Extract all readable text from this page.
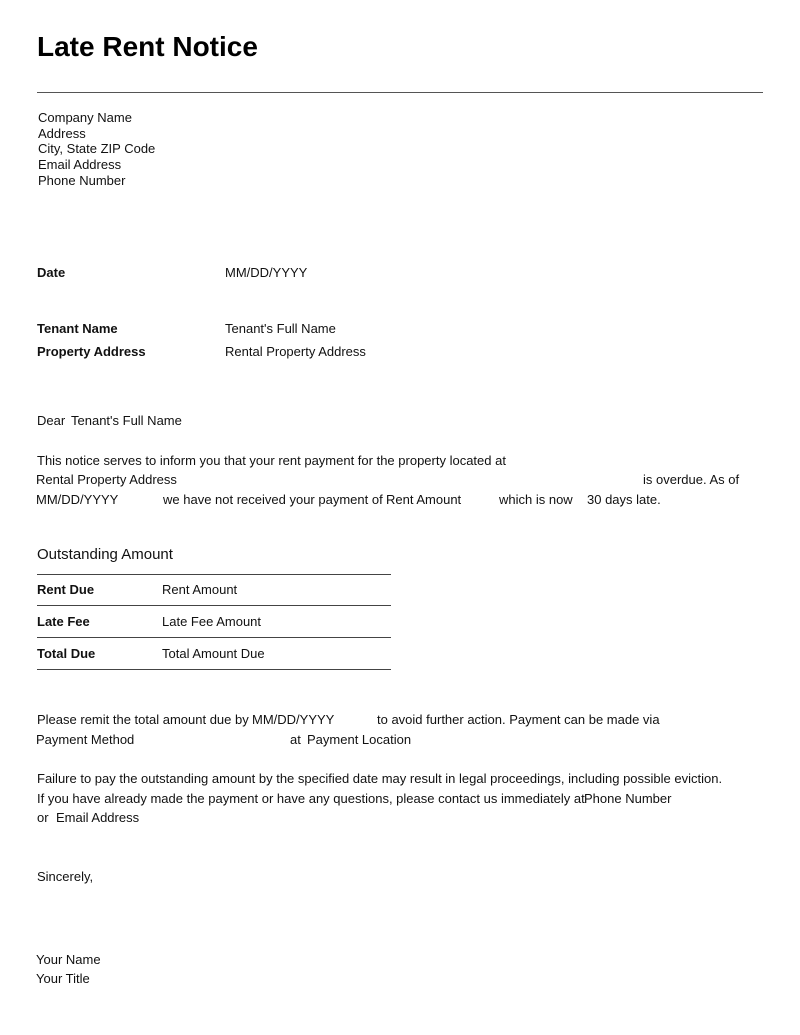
Late Rent Notice
Company Name
Address
City, State ZIP Code
Email Address
Phone Number
Date	MM/DD/YYYY
Tenant Name	Tenant's Full Name
Property Address	Rental Property Address
Dear Tenant's Full Name
This notice serves to inform you that your rent payment for the property located at
Rental Property Address	is overdue. As of
MM/DD/YYYY	we have not received your payment of Rent Amount	which is now 30 days late.
Outstanding Amount
Rent Due	Rent Amount
Late Fee	Late Fee Amount
Total Due	Total Amount Due
Please remit the total amount due by MM/DD/YYYY	to avoid further action. Payment can be made via
Payment Method	at Payment Location
Failure to pay the outstanding amount by the specified date may result in legal proceedings, including possible eviction.
If you have already made the payment or have any questions, please contact us immediately at Phone Number
or Email Address
Sincerely,
Your Name
Your Title
